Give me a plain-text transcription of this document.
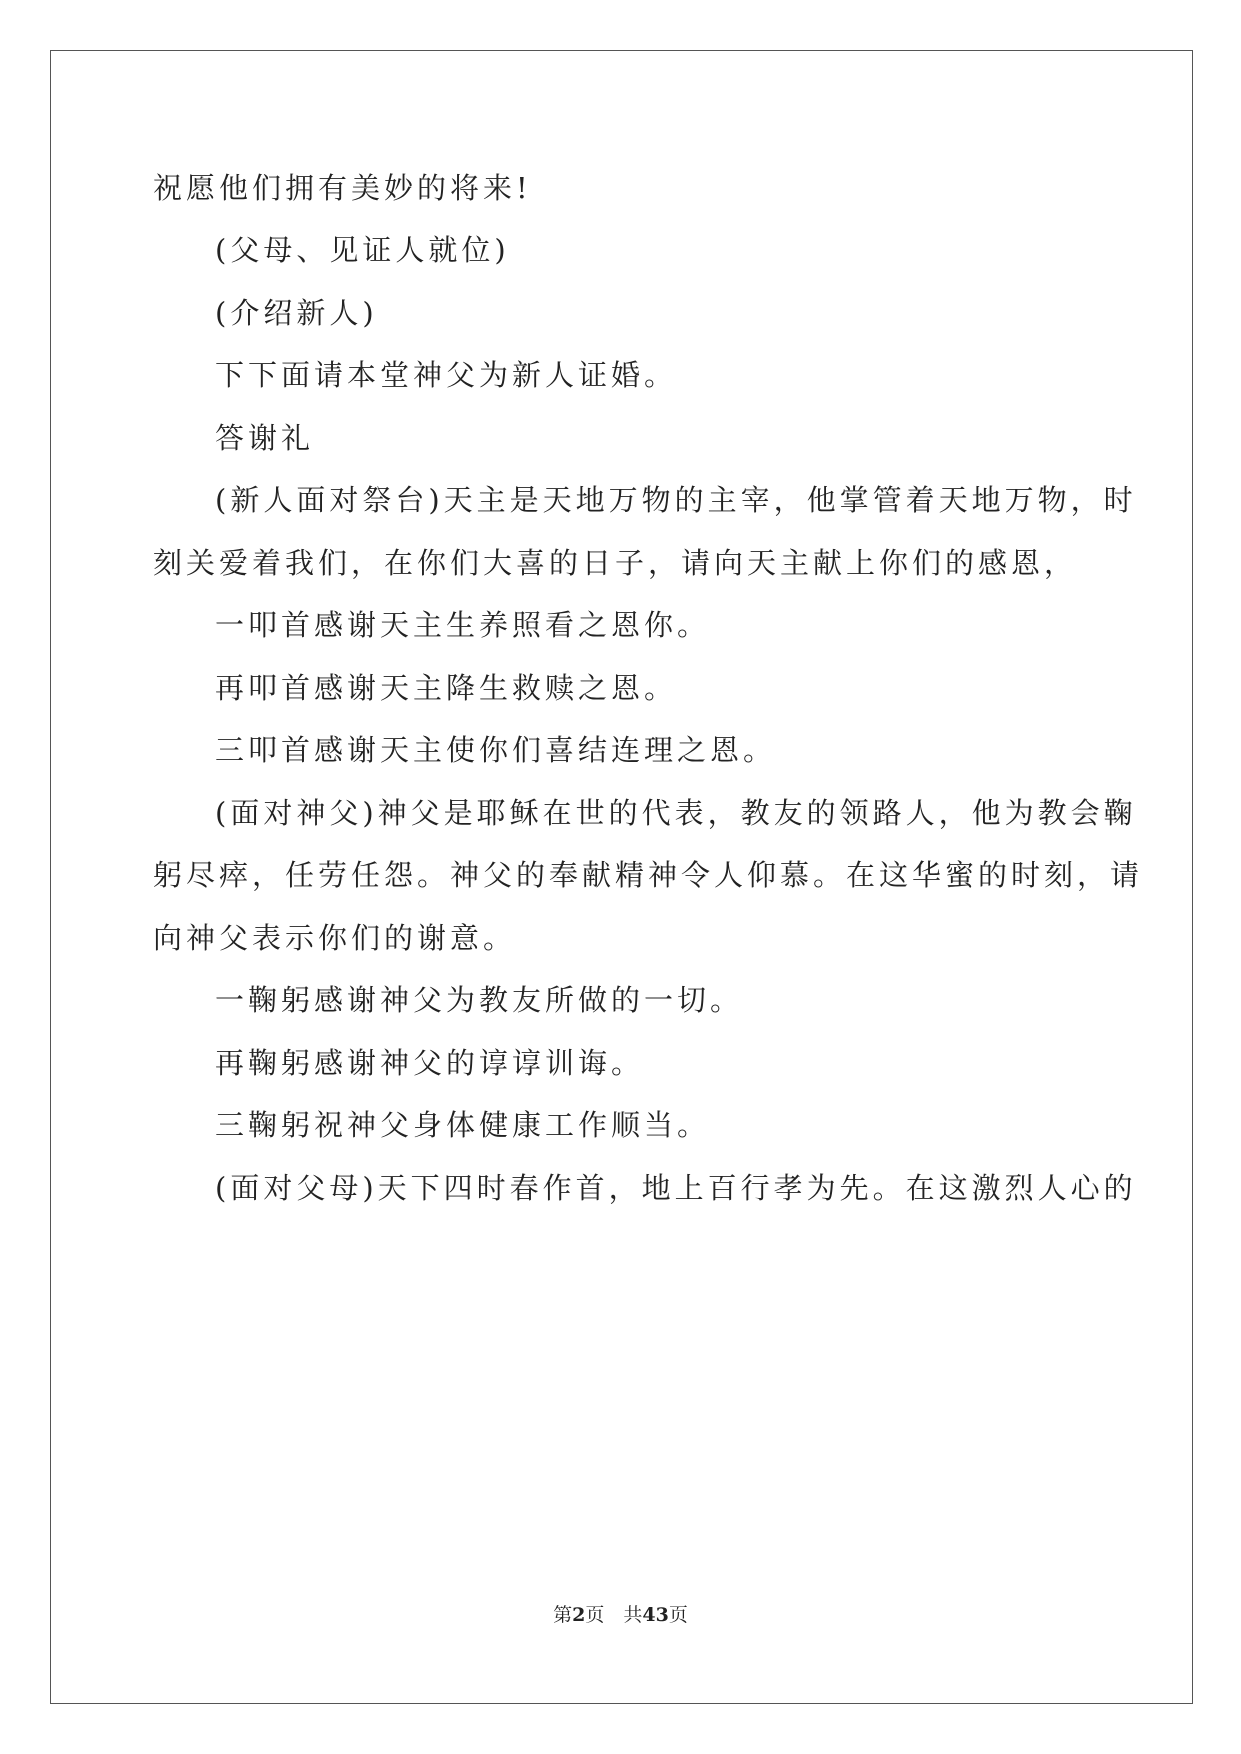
祝愿他们拥有美妙的将来!
(父母、见证人就位)
(介绍新人)
下下面请本堂神父为新人证婚。
答谢礼
(新人面对祭台)天主是天地万物的主宰，他掌管着天地万物，时
刻关爱着我们，在你们大喜的日子，请向天主献上你们的感恩，
一叩首感谢天主生养照看之恩你。
再叩首感谢天主降生救赎之恩。
三叩首感谢天主使你们喜结连理之恩。
(面对神父)神父是耶稣在世的代表，教友的领路人，他为教会鞠
躬尽瘁，任劳任怨。神父的奉献精神令人仰慕。在这华蜜的时刻，请
向神父表示你们的谢意。
一鞠躬感谢神父为教友所做的一切。
再鞠躬感谢神父的谆谆训诲。
三鞠躬祝神父身体健康工作顺当。
(面对父母)天下四时春作首，地上百行孝为先。在这激烈人心的
第2页　共43页
